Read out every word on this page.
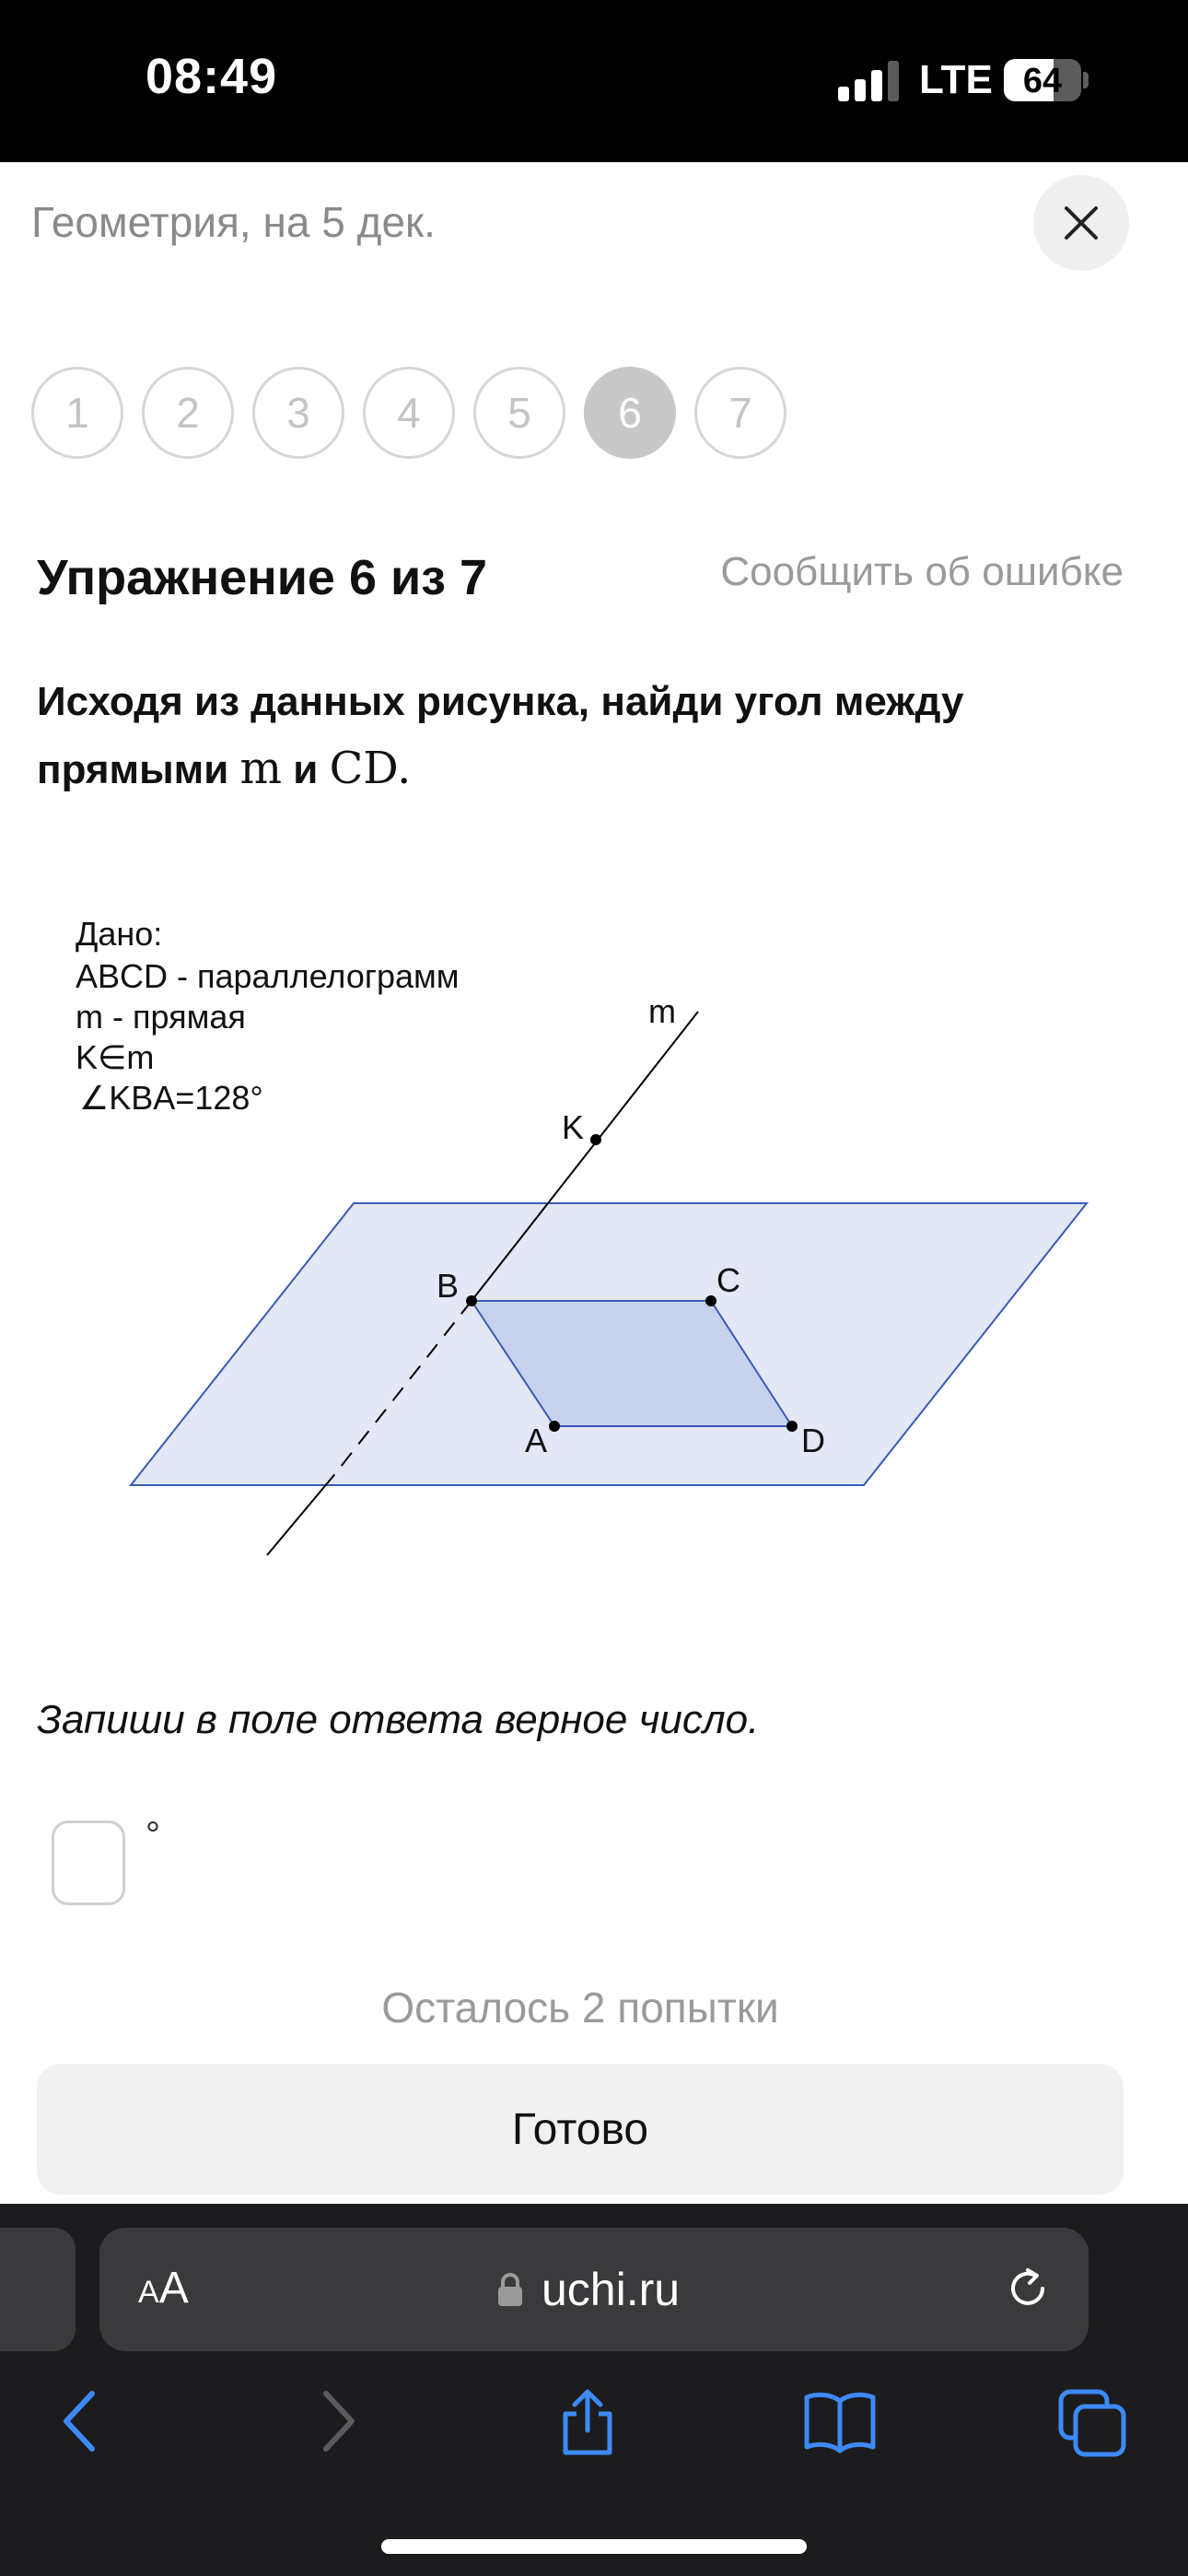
08:49	LTE 64
Геометрия, на 5 дек.
1	2	3	4	5	6	7
Упражнение 6 из 7	Сообщить об ошибке
Исходя из данных рисунка, найди угол между прямыми m и CD.
Дано:
ABCD - параллелограмм
m - прямая
K∈m
∠KBA=128°
m
K
B	C
A	D
Запиши в поле ответа верное число.
°
Осталось 2 попытки
Готово
AA	uchi.ru
